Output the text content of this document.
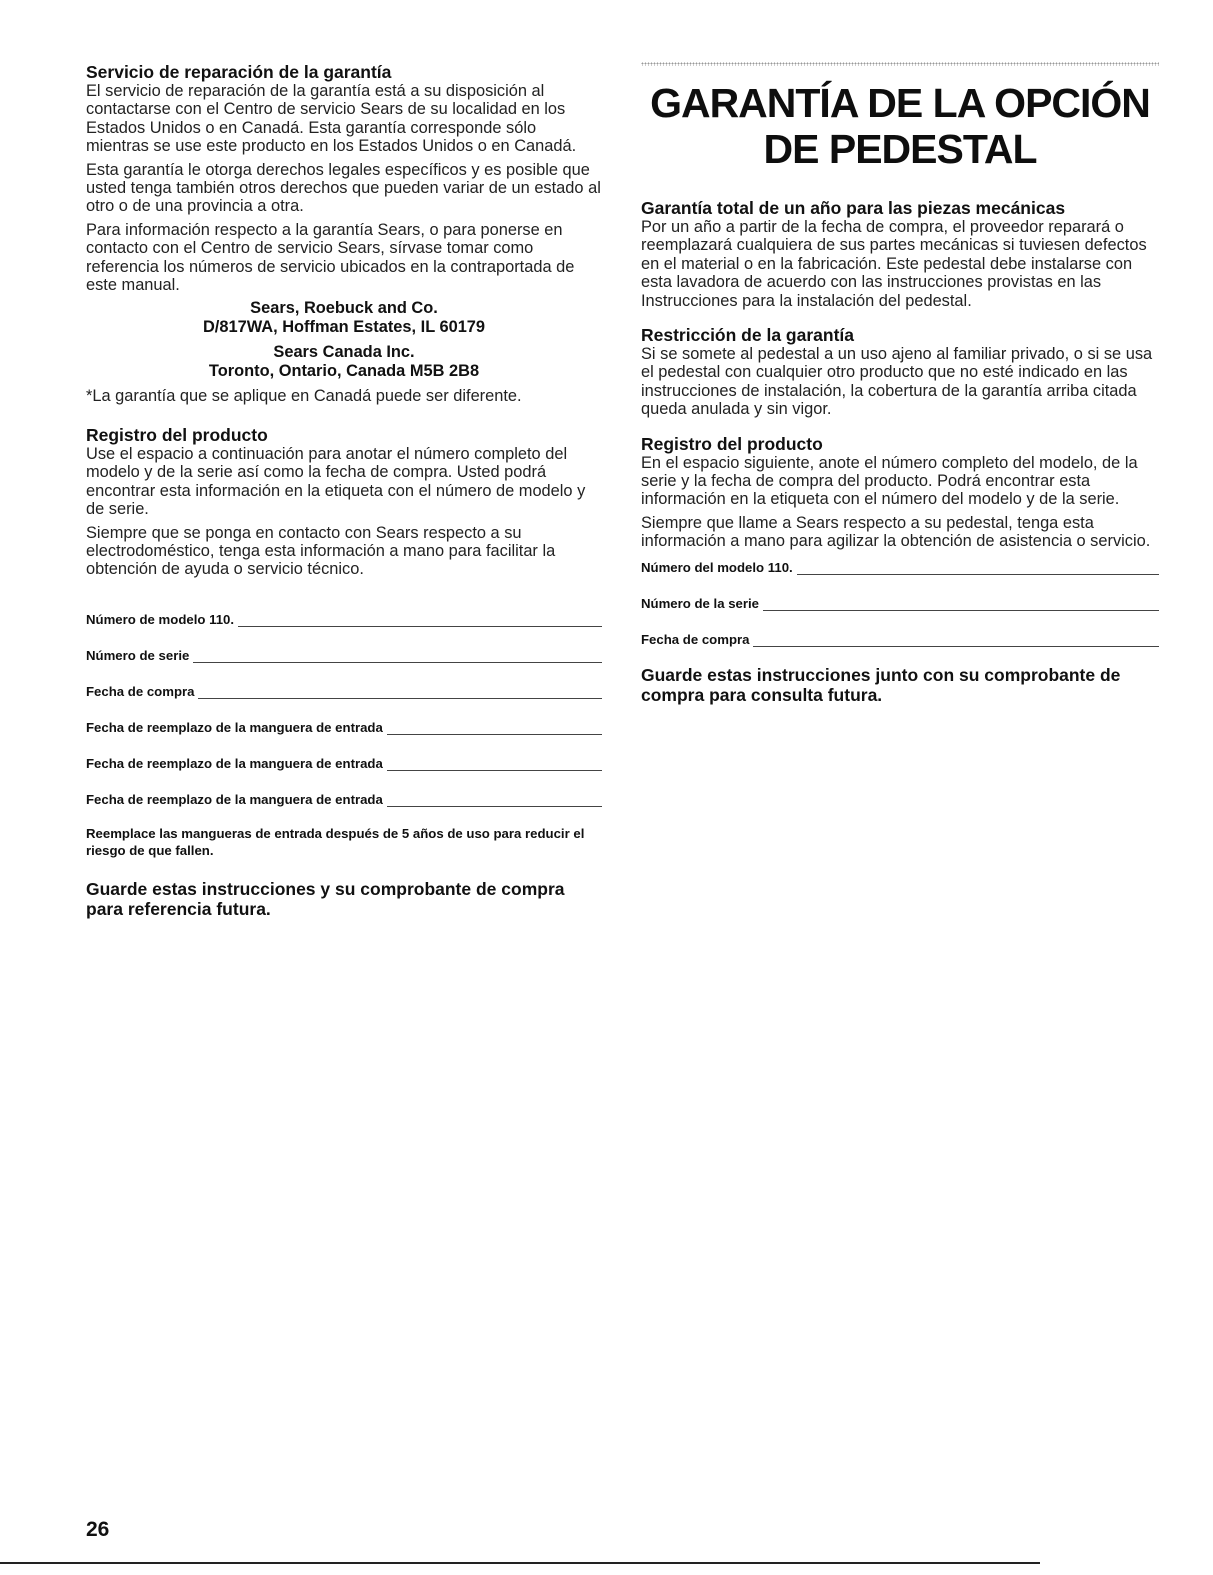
Servicio de reparación de la garantía

El servicio de reparación de la garantía está a su disposición al contactarse con el Centro de servicio Sears de su localidad en los Estados Unidos o en Canadá. Esta garantía corresponde sólo mientras se use este producto en los Estados Unidos o en Canadá.

Esta garantía le otorga derechos legales específicos y es posible que usted tenga también otros derechos que pueden variar de un estado al otro o de una provincia a otra.

Para información respecto a la garantía Sears, o para ponerse en contacto con el Centro de servicio Sears, sírvase tomar como referencia los números de servicio ubicados en la contraportada de este manual.

Sears, Roebuck and Co.
D/817WA, Hoffman Estates, IL 60179
Sears Canada Inc.
Toronto, Ontario, Canada M5B 2B8

*La garantía que se aplique en Canadá puede ser diferente.

Registro del producto

Use el espacio a continuación para anotar el número completo del modelo y de la serie así como la fecha de compra. Usted podrá encontrar esta información en la etiqueta con el número de modelo y de serie.

Siempre que se ponga en contacto con Sears respecto a su electrodoméstico, tenga esta información a mano para facilitar la obtención de ayuda o servicio técnico.

Número de modelo 110.
Número de serie
Fecha de compra
Fecha de reemplazo de la manguera de entrada
Fecha de reemplazo de la manguera de entrada
Fecha de reemplazo de la manguera de entrada

Reemplace las mangueras de entrada después de 5 años de uso para reducir el riesgo de que fallen.

Guarde estas instrucciones y su comprobante de compra para referencia futura.

GARANTÍA DE LA OPCIÓN
DE PEDESTAL
Garantía total de un año para las piezas mecánicas

Por un año a partir de la fecha de compra, el proveedor reparará o reemplazará cualquiera de sus partes mecánicas si tuviesen defectos en el material o en la fabricación. Este pedestal debe instalarse con esta lavadora de acuerdo con las instrucciones provistas en las Instrucciones para la instalación del pedestal.

Restricción de la garantía

Si se somete al pedestal a un uso ajeno al familiar privado, o si se usa el pedestal con cualquier otro producto que no esté indicado en las instrucciones de instalación, la cobertura de la garantía arriba citada queda anulada y sin vigor.

Registro del producto

En el espacio siguiente, anote el número completo del modelo, de la serie y la fecha de compra del producto. Podrá encontrar esta información en la etiqueta con el número del modelo y de la serie.

Siempre que llame a Sears respecto a su pedestal, tenga esta información a mano para agilizar la obtención de asistencia o servicio.

Número del modelo 110.
Número de la serie
Fecha de compra

Guarde estas instrucciones junto con su comprobante de compra para consulta futura.

26
